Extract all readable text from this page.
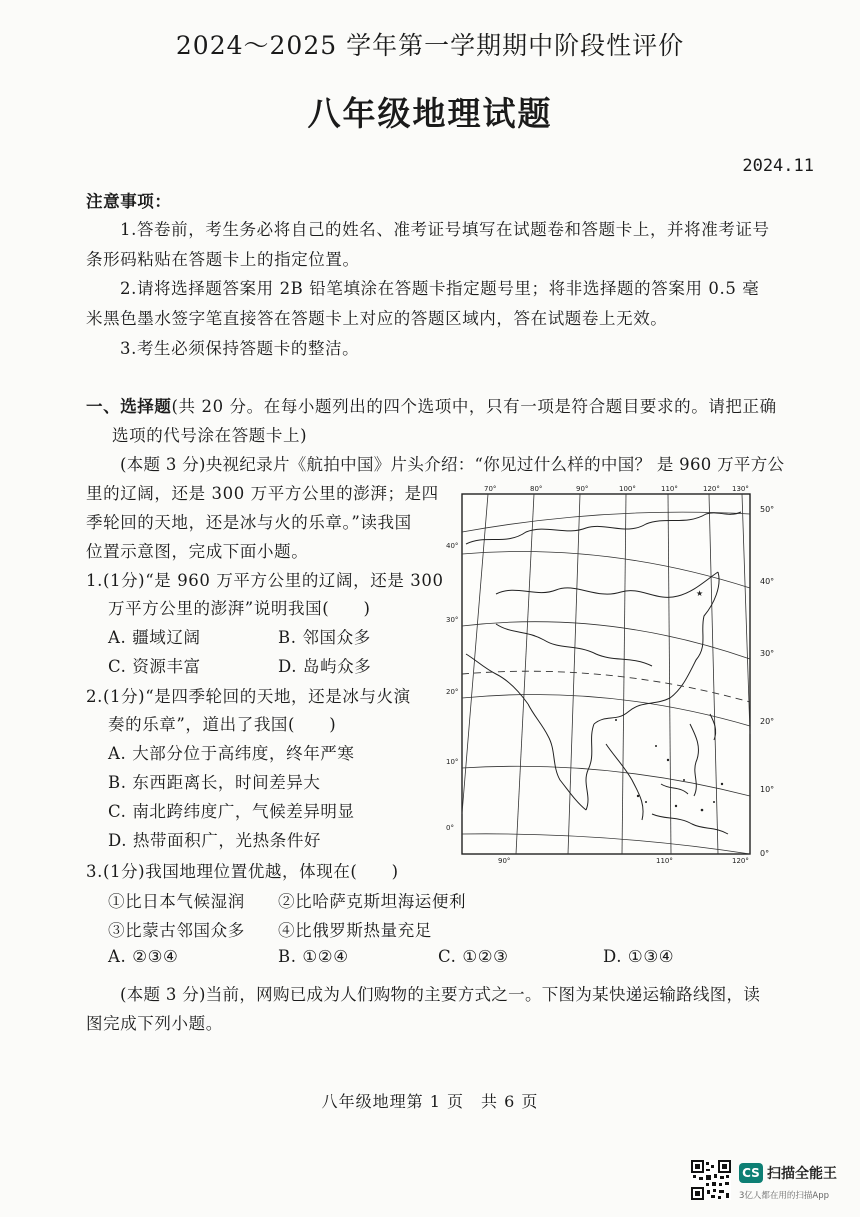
2024～2025 学年第一学期期中阶段性评价
八年级地理试题
2024.11
注意事项：
1.答卷前，考生务必将自己的姓名、准考证号填写在试题卷和答题卡上，并将准考证号
条形码粘贴在答题卡上的指定位置。
2.请将选择题答案用 2B 铅笔填涂在答题卡指定题号里；将非选择题的答案用 0.5 毫
米黑色墨水签字笔直接答在答题卡上对应的答题区域内，答在试题卷上无效。
3.考生必须保持答题卡的整洁。
一、选择题(共 20 分。在每小题列出的四个选项中，只有一项是符合题目要求的。请把正确
选项的代号涂在答题卡上)
(本题 3 分)央视纪录片《航拍中国》片头介绍：“你见过什么样的中国？ 是 960 万平方公
里的辽阔，还是 300 万平方公里的澎湃；是四
季轮回的天地，还是冰与火的乐章。”读我国
位置示意图，完成下面小题。
1.(1分)“是 960 万平方公里的辽阔，还是 300
万平方公里的澎湃”说明我国(　　)
A. 疆域辽阔	B. 邻国众多
C. 资源丰富	D. 岛屿众多
2.(1分)“是四季轮回的天地，还是冰与火演
奏的乐章”，道出了我国(　　)
A. 大部分位于高纬度，终年严寒
B. 东西距离长，时间差异大
C. 南北跨纬度广，气候差异明显
D. 热带面积广，光热条件好
3.(1分)我国地理位置优越，体现在(　　)
①比日本气候湿润 ②比哈萨克斯坦海运便利
③比蒙古邻国众多 ④比俄罗斯热量充足
A. ②③④	B. ①②④	C. ①②③	D. ①③④
(本题 3 分)当前，网购已成为人们购物的主要方式之一。下图为某快递运输路线图，读
图完成下列小题。
★
70°	80°	90°	100°	110°	120° 130°
90°	110°	120°
40°
30°
20°
10°
0°
50°
40°
30°
20°
10°
0°
八年级地理第 1 页　共 6 页
CS 扫描全能王
3亿人都在用的扫描App
